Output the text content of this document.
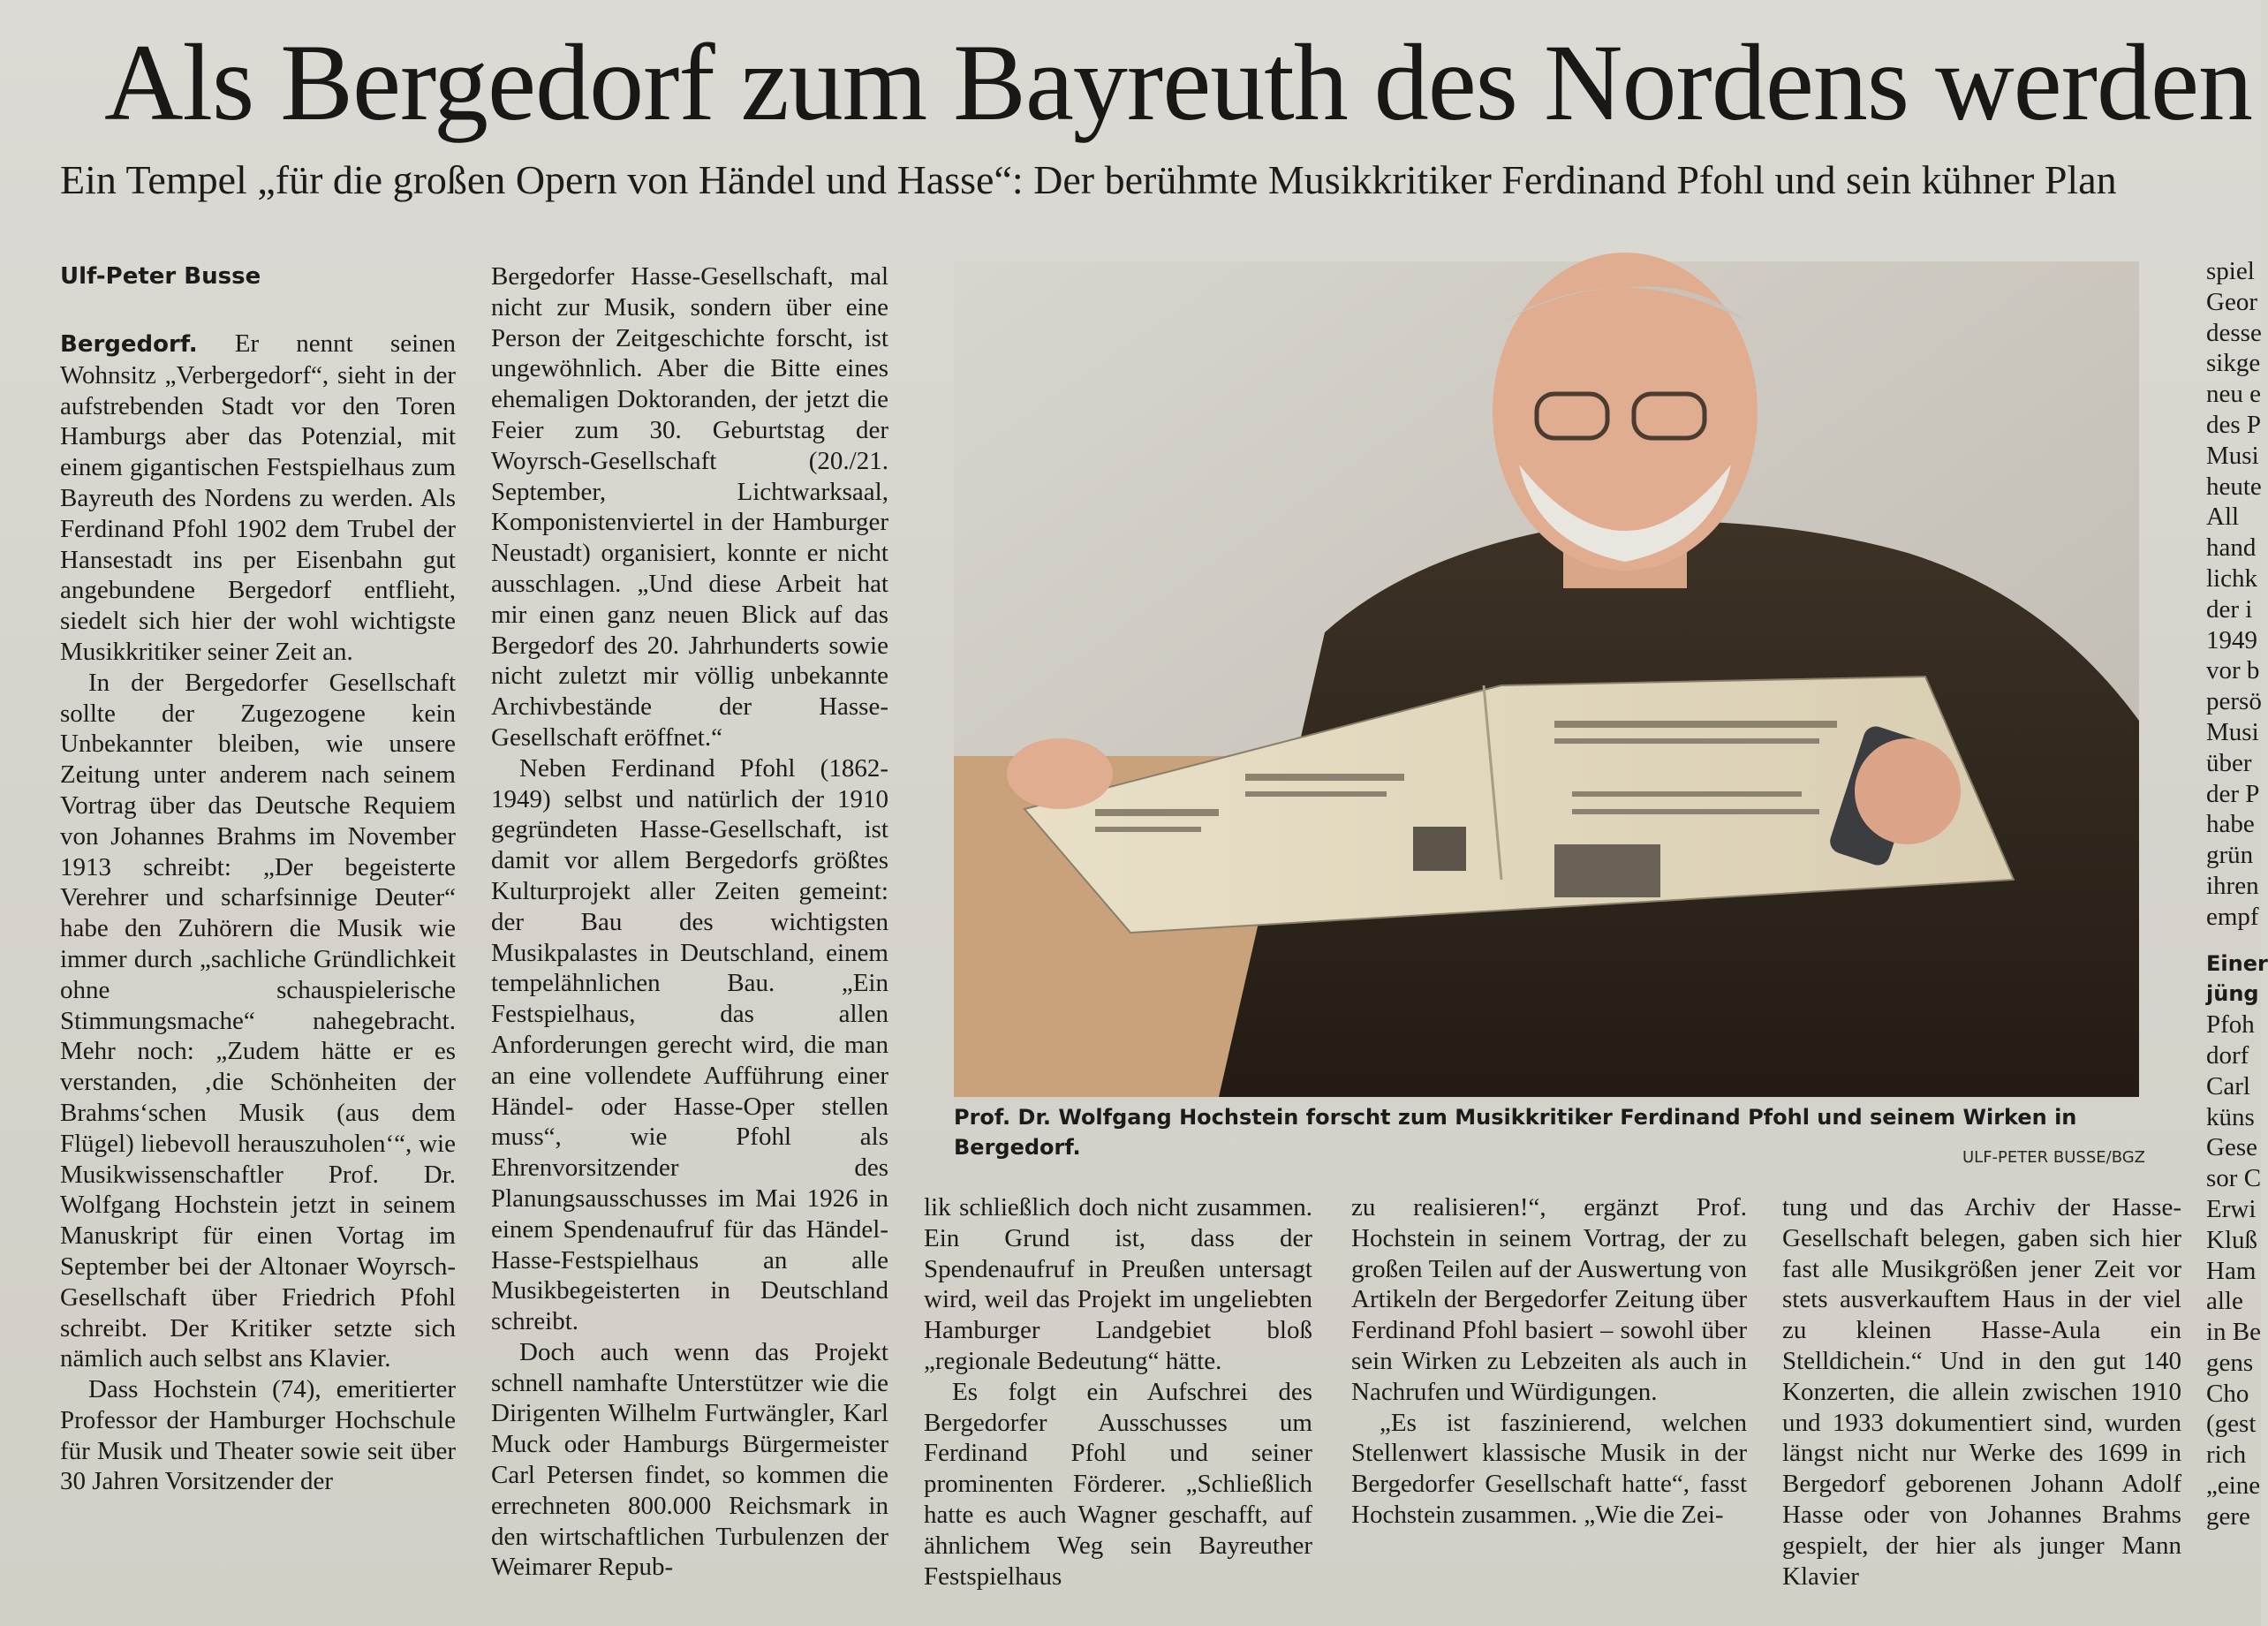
Als Bergedorf zum Bayreuth des Nordens werden
Ein Tempel „für die großen Opern von Händel und Hasse“: Der berühmte Musikkritiker Ferdinand Pfohl und sein kühner Plan
Ulf-Peter Busse

Bergedorf. Er nennt seinen Wohnsitz „Verbergedorf“, sieht in der aufstrebenden Stadt vor den Toren Hamburgs aber das Potenzial, mit einem gigantischen Festspielhaus zum Bayreuth des Nordens zu werden. Als Ferdinand Pfohl 1902 dem Trubel der Hansestadt ins per Eisenbahn gut angebundene Bergedorf entflieht, siedelt sich hier der wohl wichtigste Musikkritiker seiner Zeit an.

In der Bergedorfer Gesellschaft sollte der Zugezogene kein Unbekannter bleiben, wie unsere Zeitung unter anderem nach seinem Vortrag über das Deutsche Requiem von Johannes Brahms im November 1913 schreibt: „Der begeisterte Verehrer und scharfsinnige Deuter“ habe den Zuhörern die Musik wie immer durch „sachliche Gründlichkeit ohne schauspielerische Stimmungsmache“ nahegebracht. Mehr noch: „Zudem hätte er es verstanden, ‚die Schönheiten der Brahms‘schen Musik (aus dem Flügel) liebevoll herauszuholen‘“, wie Musikwissenschaftler Prof. Dr. Wolfgang Hochstein jetzt in seinem Manuskript für einen Vortag im September bei der Altonaer Woyrsch-Gesellschaft über Friedrich Pfohl schreibt. Der Kritiker setzte sich nämlich auch selbst ans Klavier.

Dass Hochstein (74), emeritierter Professor der Hamburger Hochschule für Musik und Theater sowie seit über 30 Jahren Vorsitzender der

Bergedorfer Hasse-Gesellschaft, mal nicht zur Musik, sondern über eine Person der Zeitgeschichte forscht, ist ungewöhnlich. Aber die Bitte eines ehemaligen Doktoranden, der jetzt die Feier zum 30. Geburtstag der Woyrsch-Gesellschaft (20./21. September, Lichtwarksaal, Komponistenviertel in der Hamburger Neustadt) organisiert, konnte er nicht ausschlagen. „Und diese Arbeit hat mir einen ganz neuen Blick auf das Bergedorf des 20. Jahrhunderts sowie nicht zuletzt mir völlig unbekannte Archivbestände der Hasse-Gesellschaft eröffnet.“

Neben Ferdinand Pfohl (1862-1949) selbst und natürlich der 1910 gegründeten Hasse-Gesellschaft, ist damit vor allem Bergedorfs größtes Kulturprojekt aller Zeiten gemeint: der Bau des wichtigsten Musikpalastes in Deutschland, einem tempelähnlichen Bau. „Ein Festspielhaus, das allen Anforderungen gerecht wird, die man an eine vollendete Aufführung einer Händel- oder Hasse-Oper stellen muss“, wie Pfohl als Ehrenvorsitzender des Planungsausschusses im Mai 1926 in einem Spendenaufruf für das Händel-Hasse-Festspielhaus an alle Musikbegeisterten in Deutschland schreibt.

Doch auch wenn das Projekt schnell namhafte Unterstützer wie die Dirigenten Wilhelm Furtwängler, Karl Muck oder Hamburgs Bürgermeister Carl Petersen findet, so kommen die errechneten 800.000 Reichsmark in den wirtschaftlichen Turbulenzen der Weimarer Repub-

Prof. Dr. Wolfgang Hochstein forscht zum Musikkritiker Ferdinand Pfohl und seinem Wirken in Bergedorf.	ULF-PETER BUSSE/BGZ

lik schließlich doch nicht zusammen. Ein Grund ist, dass der Spendenaufruf in Preußen untersagt wird, weil das Projekt im ungeliebten Hamburger Landgebiet bloß „regionale Bedeutung“ hätte.

Es folgt ein Aufschrei des Bergedorfer Ausschusses um Ferdinand Pfohl und seiner prominenten Förderer. „Schließlich hatte es auch Wagner geschafft, auf ähnlichem Weg sein Bayreuther Festspielhaus

zu realisieren!“, ergänzt Prof. Hochstein in seinem Vortrag, der zu großen Teilen auf der Auswertung von Artikeln der Bergedorfer Zeitung über Ferdinand Pfohl basiert – sowohl über sein Wirken zu Lebzeiten als auch in Nachrufen und Würdigungen.

„Es ist faszinierend, welchen Stellenwert klassische Musik in der Bergedorfer Gesellschaft hatte“, fasst Hochstein zusammen. „Wie die Zei-

tung und das Archiv der Hasse-Gesellschaft belegen, gaben sich hier fast alle Musikgrößen jener Zeit vor stets ausverkauftem Haus in der viel zu kleinen Hasse-Aula ein Stelldichein.“ Und in den gut 140 Konzerten, die allein zwischen 1910 und 1933 dokumentiert sind, wurden längst nicht nur Werke des 1699 in Bergedorf geborenen Johann Adolf Hasse oder von Johannes Brahms gespielt, der hier als junger Mann Klavier

spiel
Geor
desse
sikge
neu e
des P
Musi
heute
All
hand
lichk
der i
1949
vor b
persö
Musi
über
der P
habe
grün
ihren
empf
Einer
jüng
Pfoh
dorf
Carl
küns
Gese
sor C
Erwi
Kluß
Ham
alle
in Be
gens
Cho
(gest
rich
„eine
gere
